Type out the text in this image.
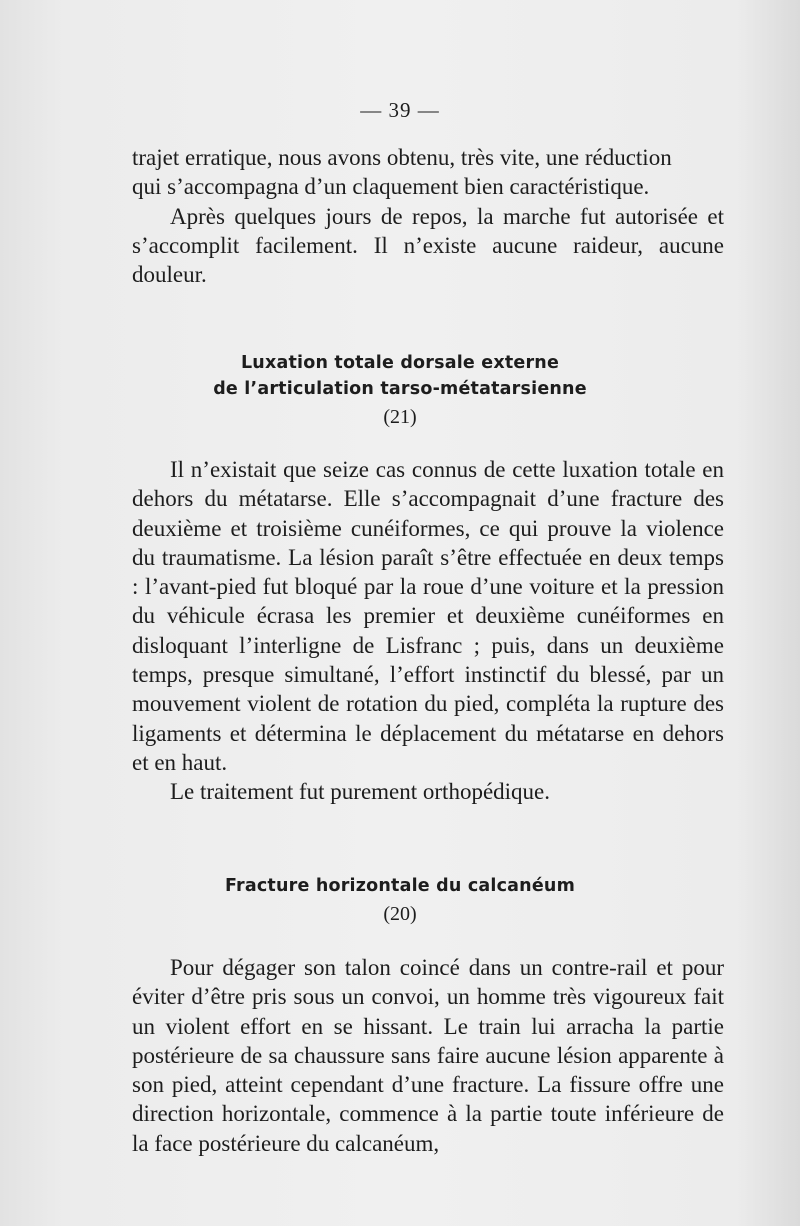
— 39 —

trajet erratique, nous avons obtenu, très vite, une réduction

qui s’accompagna d’un claquement bien caractéristique.

Après quelques jours de repos, la marche fut autorisée et s’accomplit facilement. Il n’existe aucune raideur, aucune douleur.

Luxation totale dorsale externe
de l’articulation tarso-métatarsienne
(21)

Il n’existait que seize cas connus de cette luxation totale en dehors du métatarse. Elle s’accompagnait d’une fracture des deuxième et troisième cunéiformes, ce qui prouve la violence du traumatisme. La lésion paraît s’être effectuée en deux temps : l’avant-pied fut bloqué par la roue d’une voiture et la pression du véhicule écrasa les premier et deuxième cunéiformes en disloquant l’interligne de Lisfranc ; puis, dans un deuxième temps, presque simultané, l’effort instinctif du blessé, par un mouvement violent de rotation du pied, compléta la rupture des ligaments et détermina le déplacement du métatarse en dehors et en haut.

Le traitement fut purement orthopédique.

Fracture horizontale du calcanéum
(20)

Pour dégager son talon coincé dans un contre-rail et pour éviter d’être pris sous un convoi, un homme très vigoureux fait un violent effort en se hissant. Le train lui arracha la partie postérieure de sa chaussure sans faire aucune lésion apparente à son pied, atteint cependant d’une fracture. La fissure offre une direction horizontale, commence à la partie toute inférieure de la face postérieure du calcanéum,
